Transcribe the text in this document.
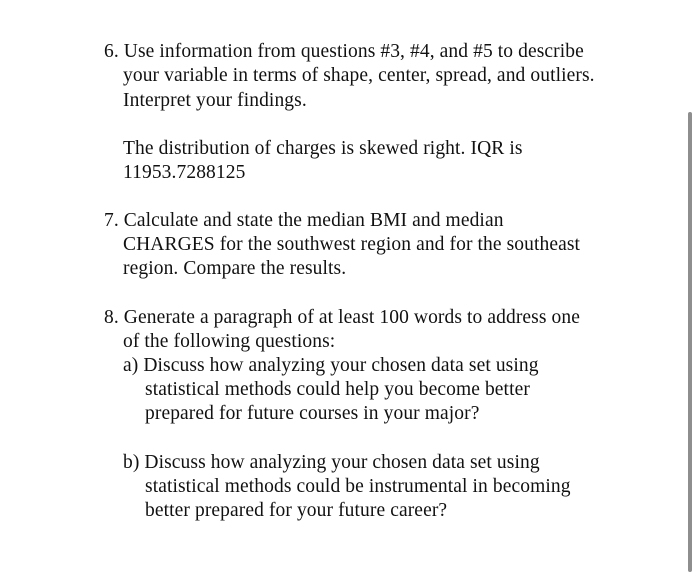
6. Use information from questions #3, #4, and #5 to describe
your variable in terms of shape, center, spread, and outliers.
Interpret your findings.
The distribution of charges is skewed right. IQR is
11953.7288125
7. Calculate and state the median BMI and median
CHARGES for the southwest region and for the southeast
region. Compare the results.
8. Generate a paragraph of at least 100 words to address one
of the following questions:
a) Discuss how analyzing your chosen data set using
statistical methods could help you become better
prepared for future courses in your major?
b) Discuss how analyzing your chosen data set using
statistical methods could be instrumental in becoming
better prepared for your future career?
